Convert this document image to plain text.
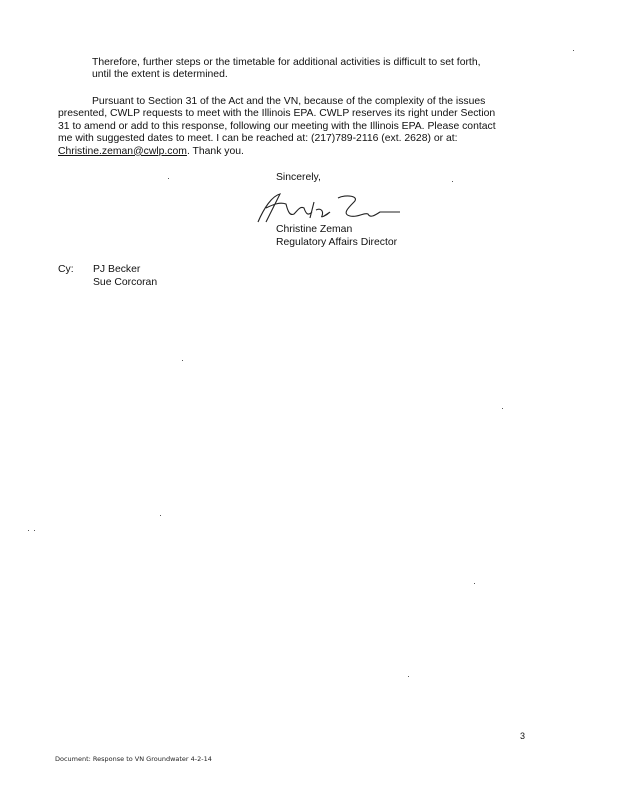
Therefore, further steps or the timetable for additional activities is difficult to set forth,
until the extent is determined.
Pursuant to Section 31 of the Act and the VN, because of the complexity of the issues
presented, CWLP requests to meet with the Illinois EPA. CWLP reserves its right under Section
31 to amend or add to this response, following our meeting with the Illinois EPA. Please contact
me with suggested dates to meet. I can be reached at: (217)789-2116 (ext. 2628) or at:
Christine.zeman@cwlp.com. Thank you.
Sincerely,
Christine Zeman
Regulatory Affairs Director
Cy: PJ Becker
Sue Corcoran
3
Document: Response to VN Groundwater 4-2-14
